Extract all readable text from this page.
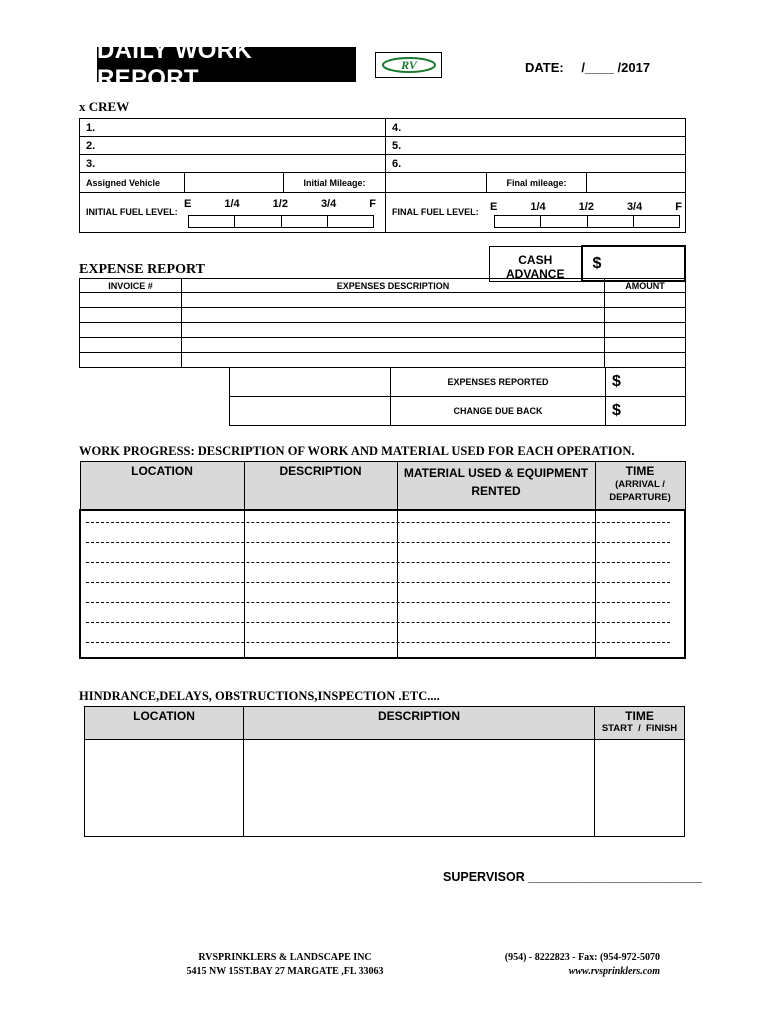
DAILY WORK REPORT	RV	DATE: /____ /2017
x CREW
1.	4.
2.	5.
3.	6.
Assigned Vehicle		Initial Mileage:		Final mileage:	
INITIAL FUEL LEVEL:
E	1/4	1/2	3/4	F

FINAL FUEL LEVEL: E	1/4	1/2	3/4	F
CASH ADVANCE	$
EXPENSE REPORT
INVOICE #	EXPENSES DESCRIPTION	AMOUNT

	EXPENSES REPORTED	$
	CHANGE DUE BACK	$
WORK PROGRESS: DESCRIPTION OF WORK AND MATERIAL USED FOR EACH OPERATION.
LOCATION	DESCRIPTION	MATERIAL USED & EQUIPMENT RENTED	TIME
(ARRIVAL / DEPARTURE)

HINDRANCE,DELAYS, OBSTRUCTIONS,INSPECTION .ETC....
LOCATION	DESCRIPTION	TIME
START  /  FINISH

SUPERVISOR _________________________
RVSPRINKLERS & LANDSCAPE INC
5415 NW 15ST.BAY 27 MARGATE ,FL 33063
(954) - 8222823 - Fax: (954-972-5070
www.rvsprinklers.com
